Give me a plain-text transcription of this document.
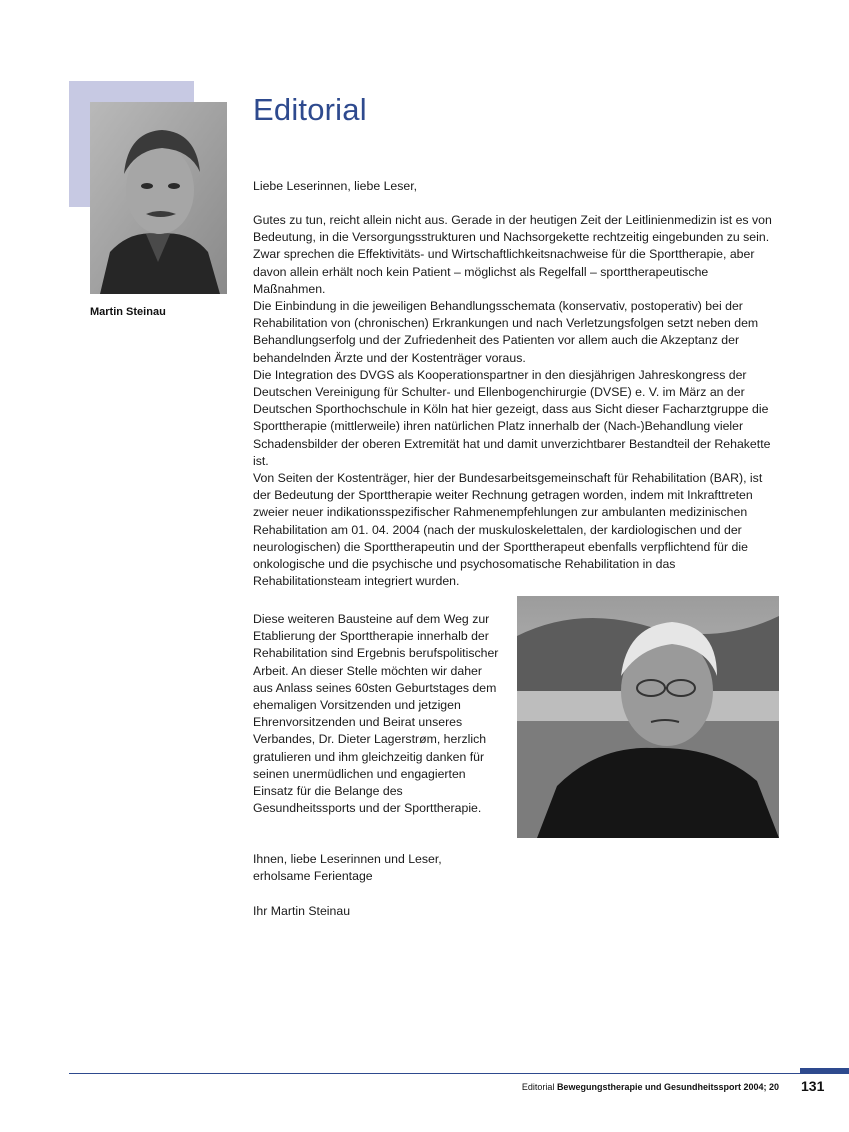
Martin Steinau
Editorial

Liebe Leserinnen, liebe Leser,

Gutes zu tun, reicht allein nicht aus. Gerade in der heutigen Zeit der Leitlinienmedizin ist es von Bedeutung, in die Versorgungsstrukturen und Nachsorgekette rechtzeitig eingebunden zu sein. Zwar sprechen die Effektivitäts- und Wirtschaftlichkeitsnachweise für die Sporttherapie, aber davon allein erhält noch kein Patient – möglichst als Regelfall – sporttherapeutische Maßnahmen.

Die Einbindung in die jeweiligen Behandlungsschemata (konservativ, postoperativ) bei der Rehabilitation von (chronischen) Erkrankungen und nach Verletzungsfolgen setzt neben dem Behandlungserfolg und der Zufriedenheit des Patienten vor allem auch die Akzeptanz der behandelnden Ärzte und der Kostenträger voraus.

Die Integration des DVGS als Kooperationspartner in den diesjährigen Jahreskongress der Deutschen Vereinigung für Schulter- und Ellenbogenchirurgie (DVSE) e. V. im März an der Deutschen Sporthochschule in Köln hat hier gezeigt, dass aus Sicht dieser Facharztgruppe die Sporttherapie (mittlerweile) ihren natürlichen Platz innerhalb der (Nach-)Behandlung vieler Schadensbilder der oberen Extremität hat und damit unverzichtbarer Bestandteil der Rehakette ist.

Von Seiten der Kostenträger, hier der Bundesarbeitsgemeinschaft für Rehabilitation (BAR), ist der Bedeutung der Sporttherapie weiter Rechnung getragen worden, indem mit Inkrafttreten zweier neuer indikationsspezifischer Rahmenempfehlungen zur ambulanten medizinischen Rehabilitation am 01. 04. 2004 (nach der muskuloskelettalen, der kardiologischen und der neurologischen) die Sporttherapeutin und der Sporttherapeut ebenfalls verpflichtend für die onkologische und die psychische und psychosomatische Rehabilitation in das Rehabilitationsteam integriert wurden.

Diese weiteren Bausteine auf dem Weg zur Etablierung der Sporttherapie innerhalb der Rehabilitation sind Ergebnis berufspolitischer Arbeit. An dieser Stelle möchten wir daher aus Anlass seines 60sten Geburtstages dem ehemaligen Vorsitzenden und jetzigen Ehrenvorsitzenden und Beirat unseres Verbandes, Dr. Dieter Lagerstrøm, herzlich gratulieren und ihm gleichzeitig danken für seinen unermüdlichen und engagierten Einsatz für die Belange des Gesundheitssports und der Sporttherapie.

Ihnen, liebe Leserinnen und Leser,

erholsame Ferientage

Ihr Martin Steinau

Editorial Bewegungstherapie und Gesundheitssport 2004; 20 131
